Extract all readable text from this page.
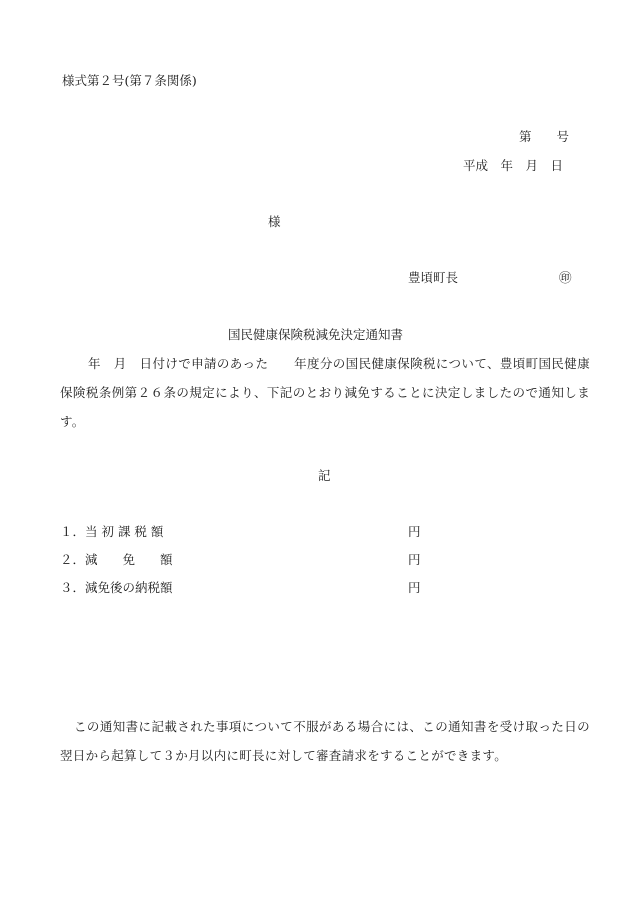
様式第２号(第７条関係)
第　　号
平成　年　月　日
様
豊頃町長	㊞
国民健康保険税減免決定通知書
年　月　日付けで申請のあった　　年度分の国民健康保険税について、豊頃町国民健康保険税条例第２６条の規定により、下記のとおり減免することに決定しましたので通知します。
記
１．当 初 課 税 額	円
２．減　　免　　額	円
３．減免後の納税額	円
この通知書に記載された事項について不服がある場合には、この通知書を受け取った日の翌日から起算して３か月以内に町長に対して審査請求をすることができます。
